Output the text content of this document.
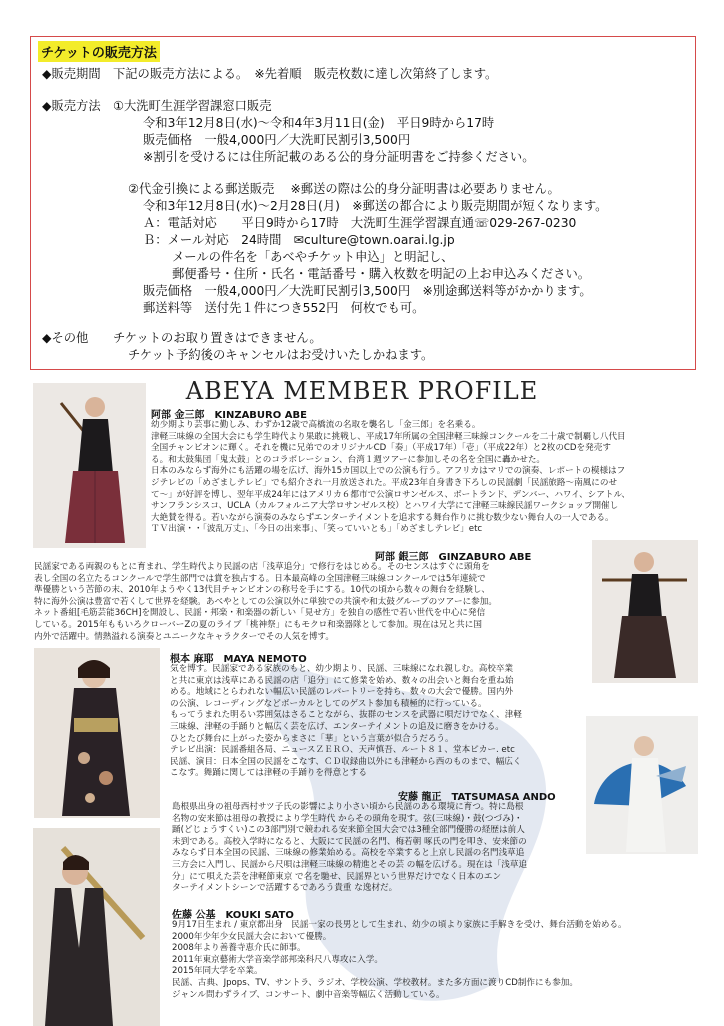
チケットの販売方法
◆販売期間　下記の販売方法による。　※先着順　販売枚数に達し次第終了します。
◆販売方法　①大洗町生涯学習課窓口販売
令和3年12月8日(水)～令和4年3月11日(金)　平日9時から17時
販売価格　一般4,000円／大洗町民割引3,500円
※割引を受けるには住所記載のある公的身分証明書をご持参ください。
②代金引換による郵送販売　 ※郵送の際は公的身分証明書は必要ありません。
令和3年12月8日(水)～2月28日(月)　※郵送の都合により販売期間が短くなります。
Ａ：電話対応　　平日9時から17時　大洗町生涯学習課直通☏029-267-0230
Ｂ：メール対応　24時間　✉culture@town.oarai.lg.jp
メールの件名を「あべやチケット申込」と明記し、
郵便番号・住所・氏名・電話番号・購入枚数を明記の上お申込みください。
販売価格　一般4,000円／大洗町民割引3,500円　※別途郵送料等がかかります。
郵送料等　送付先１件につき552円　何枚でも可。
◆その他　　チケットのお取り置きはできません。
チケット予約後のキャンセルはお受けいたしかねます。
ABEYA MEMBER PROFILE
阿部 金三郎　KINZABURO ABE
幼少期より芸事に勤しみ、わずか12歳で高橋流の名取を襲名し「金三郎」を名乗る。
津軽三味線の全国大会にも学生時代より果敢に挑戦し、平成17年所属の全国津軽三味線コンクールを二十歳で制覇し八代目
全国チャンピオンに輝く。それを機に兄弟でのオリジナルCD「奏」（平成17年）「壱」（平成22年）と2枚のCDを発売す
る。和太鼓集団「鬼太鼓」とのコラボレーション、台湾１週ツアーに参加しその名を全国に轟かせた。
日本のみならず海外にも活躍の場を広げ、海外15カ国以上での公演も行う。アフリカはマリでの演奏、レポートの模様はフ
ジテレビの「めざましテレビ」でも紹介され一月放送された。平成23年自身書き下ろしの民謡劇「民謡旅路～南風にのせ
て～」が好評を博し、翌年平成24年にはアメリカ６都市で公演ロサンゼルス、ボートランド、デンバー、ハワイ、シアトル、
サンフランシスコ、UCLA（カルフォルニア大学ロサンゼルス校）とハワイ大学にて津軽三味線民謡ワークショップ開催し
大絶賛を得る。若いながら演奏のみならずエンターテイメントを追求する舞台作りに挑む数少ない舞台人の一人である。
ＴＶ出演・・「波乱万丈」、「今日の出来事」、「笑っていいとも」「めざましテレビ」etc
阿部 銀三郎　GINZABURO ABE
民謡家である両親のもとに育まれ、学生時代より民謡の店「浅草追分」で修行をはじめる。そのセンスはすぐに頭角を
表し全国の名立たるコンクールで学生部門では賞を独占する。日本最高峰の全国津軽三味線コンクールでは5年連続で
準優勝という苦節の末、2010年ようやく13代目チャンピオンの称号を手にする。10代の頃から数々の舞台を経験し、
特に海外公演は豊富で若くして世界を経験。あべやとしての公演以外に単独での共演や和太鼓グループのツアーに参加。
ネット番組[毛筋芸能36CH]を開設し、民謡・邦楽・和楽器の新しい「見せ方」を独自の感性で若い世代を中心に発信
している。2015年ももいろクローバーZの夏のライブ「桃神祭」にもモクロ和楽器隊として参加。現在は兄と共に国
内外で活躍中。情熱溢れる演奏とユニークなキャラクターでその人気を博す。
根本 麻耶　MAYA NEMOTO
気を博す。民謡家である家族のもと、幼少期より、民謡、三味線になれ親しむ。高校卒業
と共に東京は浅草にある民謡の店「追分」にて修業を始め、数々の出会いと舞台を重ね始
める。地域にとらわれない幅広い民謡のレパートリーを持ち、数々の大会で優勝。国内外
の公演、レコーディングなどボーカルとしてのゲスト参加も積極的に行っている。
もってうまれた明るい雰囲気はさることながら、抜群のセンスを武器に唄だけでなく、津軽
三味線、津軽の手踊りと幅広く芸を広げ、エンターテイメントの追及に磨きをかける。
ひとたび舞台に上がった姿からまさに「華」という言葉が似合うだろう。
テレビ出演：民謡番組各局、ニュースＺＥＲＯ、天声慎吾、ルート８１、堂本ピカー. etc
民謡、演目：日本全国の民謡をこなす、ＣＤ収録曲以外にも津軽から西のものまで、幅広く
こなす。舞踊に関しては津軽の手踊りを得意とする
安藤 龍正　TATSUMASA ANDO
島根県出身の祖母西村サツ子氏の影響により小さい頃から民謡のある環境に育つ。特に島根
名物の安来節は祖母の教授により学生時代 からその頭角を現す。弦(三味線)・鼓(つづみ)・
踊(どじょうすくい)この3部門別で競われる安来節全国大会では3種全部門優勝の経歴は前人
未到である。高校入学時になると、大阪にて民謡の名門、梅若朝 啄氏の門を叩き、安来節の
みならず日本全国の民謡、三味線の修業始める。高校を卒業すると上京し民謡の名門浅草追
三方会に入門し、民謡から尺唄は津軽三味線の精進とその芸 の幅を広げる。現在は「浅草追
分」にて唄えた芸を津軽節東京 で名を馳せ、民謡界という世界だけでなく日本のエン
ターテイメントシーンで活躍するであろう貴重 な逸材だ。
佐藤 公基　KOUKI SATO
9月17日生まれ / 東京都出身　民謡一家の長男として生まれ、幼少の頃より家族に手解きを受け、舞台活動を始める。
2000年少年少女民謡大会において優勝。
2008年より善養寺恵介氏に師事。
2011年東京藝術大学音楽学部邦楽科尺八専攻に入学。
2015年同大学を卒業。
民謡、古典、Jpops、TV、サントラ、ラジオ、学校公演、学校教材。また多方面に渡りCD制作にも参加。
ジャンル問わずライブ、コンサート、劇中音楽等幅広く活動している。
